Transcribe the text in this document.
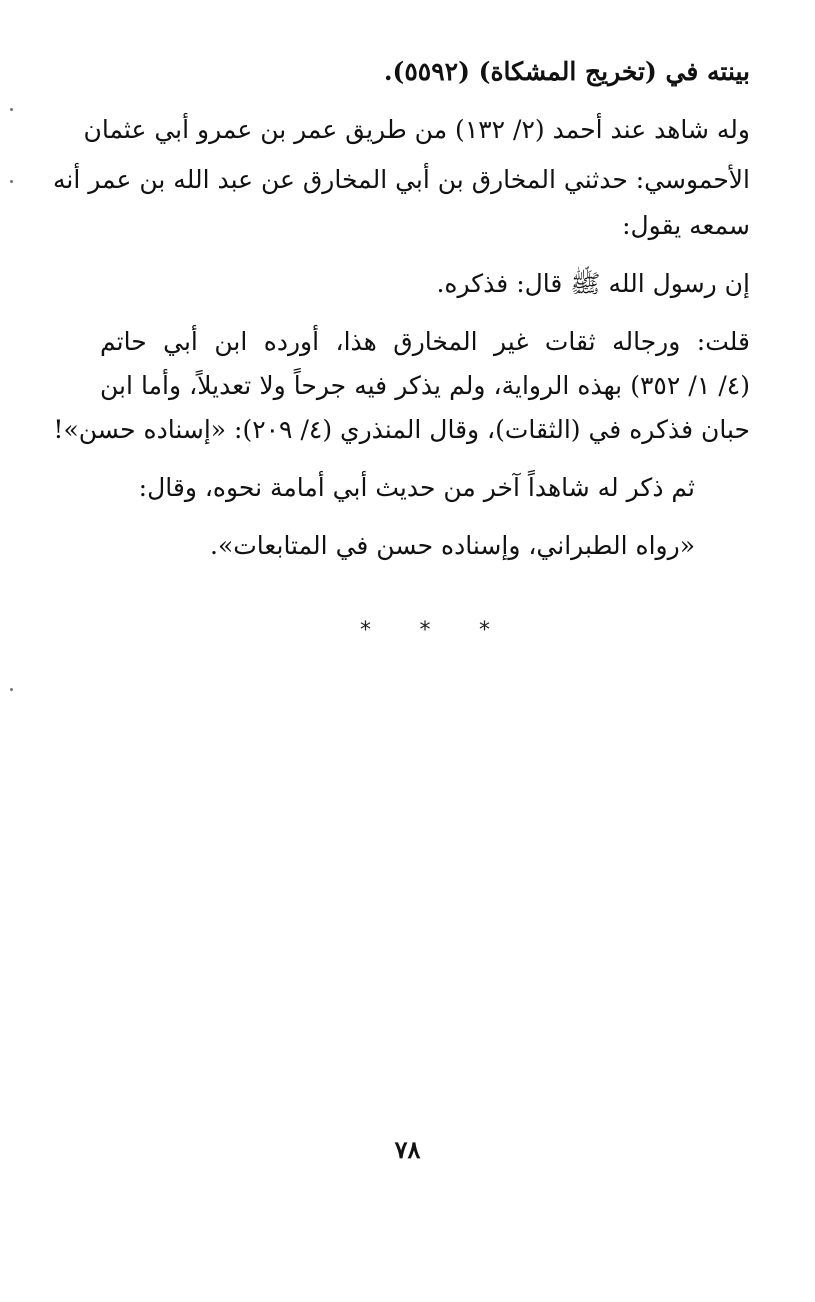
بينته في (تخريج المشكاة) (٥٥٩٢).
وله شاهد عند أحمد (٢/ ١٣٢) من طريق عمر بن عمرو أبي عثمان
الأحموسي: حدثني المخارق بن أبي المخارق عن عبد الله بن عمر أنه
سمعه يقول:
إن رسول الله ﷺ قال: فذكره.
قلت: ورجاله ثقات غير المخارق هذا، أورده ابن أبي حاتم
(٤/ ١/ ٣٥٢) بهذه الرواية، ولم يذكر فيه جرحاً ولا تعديلاً، وأما ابن
حبان فذكره في (الثقات)، وقال المنذري (٤/ ٢٠٩): «إسناده حسن»!
ثم ذكر له شاهداً آخر من حديث أبي أمامة نحوه، وقال:
«رواه الطبراني، وإسناده حسن في المتابعات».
* * *
٧٨
